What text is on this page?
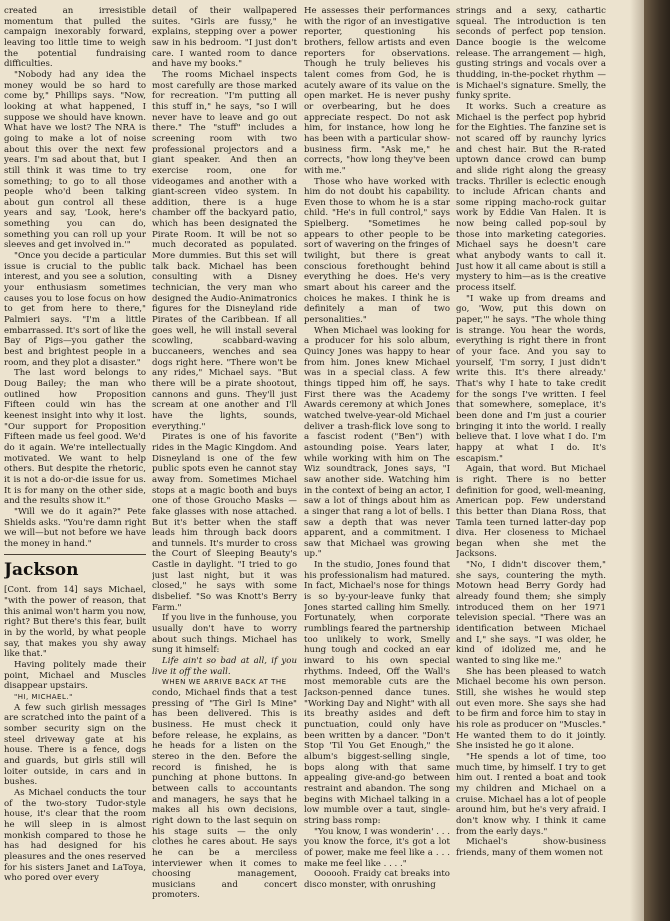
created an irresistible momentum that pulled the campaign inexorably forward, leaving too little time to weigh the potential fundraising difficulties.

"Nobody had any idea the money would be so hard to come by," Phillips says. "Now, looking at what happened, I suppose we should have known. What have we lost? The NRA is going to make a lot of noise about this over the next few years. I'm sad about that, but I still think it was time to try something; to go to all those people who'd been talking about gun control all these years and say, 'Look, here's something you can do, something you can roll up your sleeves and get involved in.'"

"Once you decide a particular issue is crucial to the public interest, and you see a solution, your enthusiasm sometimes causes you to lose focus on how to get from here to there," Palmieri says. "I'm a little embarrassed. It's sort of like the Bay of Pigs—you gather the best and brightest people in a room, and they plot a disaster."

The last word belongs to Doug Bailey; the man who outlined how Proposition Fifteen could win has the keenest insight into why it lost. "Our support for Proposition Fifteen made us feel good. We'd do it again. We're intellectually motivated. We want to help others. But despite the rhetoric, it is not a do-or-die issue for us. It is for many on the other side, and the results show it."

"Will we do it again?" Pete Shields asks. "You're damn right we will—but not before we have the money in hand."

Jackson

[Cont. from 14] says Michael, "with the power of reason, that this animal won't harm you now, right? But there's this fear, built in by the world, by what people say, that makes you shy away like that."

Having politely made their point, Michael and Muscles disappear upstairs.

"HI, MICHAEL."

A few such girlish messages are scratched into the paint of a somber security sign on the steel driveway gate at his house. There is a fence, dogs and guards, but girls still will loiter outside, in cars and in bushes.

As Michael conducts the tour of the two-story Tudor-style house, it's clear that the room he will sleep in is almost monkish compared to those he has had designed for his pleasures and the ones reserved for his sisters Janet and LaToya, who pored over every

detail of their wallpapered suites. "Girls are fussy," he explains, stepping over a power saw in his bedroom. "I just don't care. I wanted room to dance and have my books."

The rooms Michael inspects most carefully are those marked for recreation. "I'm putting all this stuff in," he says, "so I will never have to leave and go out there." The "stuff" includes a screening room with two professional projectors and a giant speaker. And then an exercise room, one for videogames and another with a giant-screen video system. In addition, there is a huge chamber off the backyard patio, which has been designated the Pirate Room. It will be not so much decorated as populated. More dummies. But this set will talk back. Michael has been consulting with a Disney technician, the very man who designed the Audio-Animatronics figures for the Disneyland ride Pirates of the Caribbean. If all goes well, he will install several scowling, scabbard-waving buccaneers, wenches and sea dogs right here. "There won't be any rides," Michael says. "But there will be a pirate shootout, cannons and guns. They'll just scream at one another and I'll have the lights, sounds, everything."

Pirates is one of his favorite rides in the Magic Kingdom. And Disneyland is one of the few public spots even he cannot stay away from. Sometimes Michael stops at a magic booth and buys one of those Groucho Masks — fake glasses with nose attached. But it's better when the staff leads him through back doors and tunnels. It's murder to cross the Court of Sleeping Beauty's Castle in daylight. "I tried to go just last night, but it was closed," he says with some disbelief. "So was Knott's Berry Farm."

If you live in the funhouse, you usually don't have to worry about such things. Michael has sung it himself:

Life ain't so bad at all, if you live it off the wall.

WHEN WE ARRIVE BACK AT THE

condo, Michael finds that a test pressing of "The Girl Is Mine" has been delivered. This is business. He must check it before release, he explains, as he heads for a listen on the stereo in the den. Before the record is finished, he is punching at phone buttons. In between calls to accountants and managers, he says that he makes all his own decisions, right down to the last sequin on his stage suits — the only clothes he cares about. He says he can be a merciless interviewer when it comes to choosing management, musicians and concert promoters.

He assesses their performances with the rigor of an investigative reporter, questioning his brothers, fellow artists and even reporters for observations. Though he truly believes his talent comes from God, he is acutely aware of its value on the open market. He is never pushy or overbearing, but he does appreciate respect. Do not ask him, for instance, how long he has been with a particular show-business firm. "Ask me," he corrects, "how long they've been with me."

Those who have worked with him do not doubt his capability. Even those to whom he is a star child. "He's in full control," says Spielberg. "Sometimes he appears to other people to be sort of wavering on the fringes of twilight, but there is great conscious forethought behind everything he does. He's very smart about his career and the choices he makes. I think he is definitely a man of two personalities."

When Michael was looking for a producer for his solo album, Quincy Jones was happy to hear from him. Jones knew Michael was in a special class. A few things tipped him off, he says. First there was the Academy Awards ceremony at which Jones watched twelve-year-old Michael deliver a trash-flick love song to a fascist rodent ("Ben") with astounding poise. Years later, while working with him on The Wiz soundtrack, Jones says, "I saw another side. Watching him in the context of being an actor, I saw a lot of things about him as a singer that rang a lot of bells. I saw a depth that was never apparent, and a commitment. I saw that Michael was growing up."

In the studio, Jones found that his professionalism had matured. In fact, Michael's nose for things is so by-your-leave funky that Jones started calling him Smelly. Fortunately, when corporate rumblings feared the partnership too unlikely to work, Smelly hung tough and cocked an ear inward to his own special rhythms. Indeed, Off the Wall's most memorable cuts are the Jackson-penned dance tunes. "Working Day and Night" with all its breathy asides and deft punctuation, could only have been written by a dancer. "Don't Stop 'Til You Get Enough," the album's biggest-selling single, bops along with that same appealing give-and-go between restraint and abandon. The song begins with Michael talking in a low mumble over a taut, single-string bass romp:

"You know, I was wonderin' . . . you know the force, it's got a lot of power, make me feel like a . . . make me feel like . . . ."

Oooooh. Fraidy cat breaks into disco monster, with onrushing

strings and a sexy, cathartic squeal. The introduction is ten seconds of perfect pop tension. Dance boogie is the welcome release. The arrangement — high, gusting strings and vocals over a thudding, in-the-pocket rhythm — is Michael's signature. Smelly, the funky sprite.

It works. Such a creature as Michael is the perfect pop hybrid for the Eighties. The fanzine set is not scared off by raunchy lyrics and chest hair. But the R-rated uptown dance crowd can bump and slide right along the greasy tracks. Thriller is eclectic enough to include African chants and some ripping macho-rock guitar work by Eddie Van Halen. It is now being called pop-soul by those into marketing categories. Michael says he doesn't care what anybody wants to call it. Just how it all came about is still a mystery to him—as is the creative process itself.

"I wake up from dreams and go, 'Wow, put this down on paper,'" he says. "The whole thing is strange. You hear the words, everything is right there in front of your face. And you say to yourself, 'I'm sorry, I just didn't write this. It's there already.' That's why I hate to take credit for the songs I've written. I feel that somewhere, someplace, it's been done and I'm just a courier bringing it into the world. I really believe that. I love what I do. I'm happy at what I do. It's escapism."

Again, that word. But Michael is right. There is no better definition for good, well-meaning, American pop. Few understand this better than Diana Ross, that Tamla teen turned latter-day pop diva. Her closeness to Michael began when she met the Jacksons.

"No, I didn't discover them," she says, countering the myth. Motown head Berry Gordy had already found them; she simply introduced them on her 1971 television special. "There was an identification between Michael and I," she says. "I was older, he kind of idolized me, and he wanted to sing like me."

She has been pleased to watch Michael become his own person. Still, she wishes he would step out even more. She says she had to be firm and force him to stay in his role as producer on "Muscles." He wanted them to do it jointly. She insisted he go it alone.

"He spends a lot of time, too much time, by himself. I try to get him out. I rented a boat and took my children and Michael on a cruise. Michael has a lot of people around him, but he's very afraid. I don't know why. I think it came from the early days."

Michael's show-business friends, many of them women not
